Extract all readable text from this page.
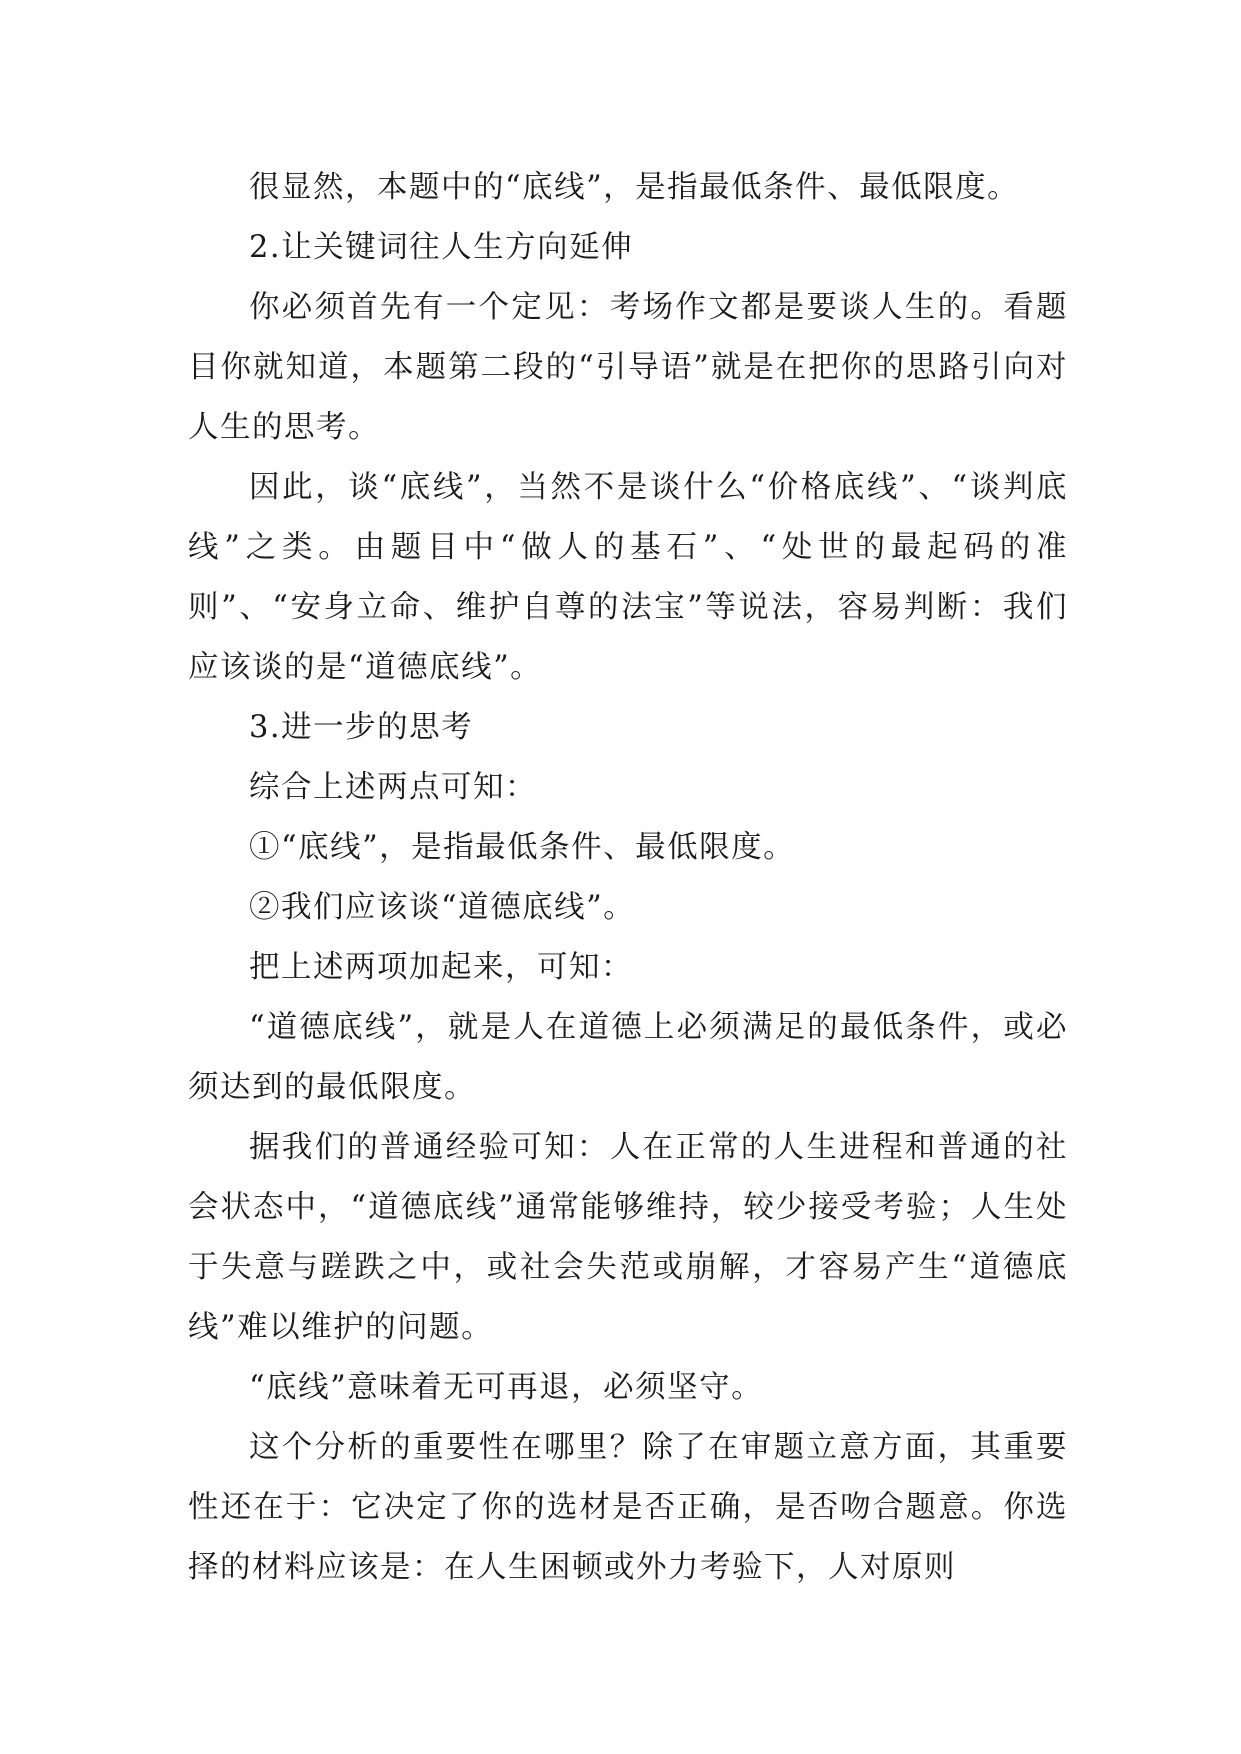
很显然，本题中的“底线”，是指最低条件、最低限度。

2.让关键词往人生方向延伸

你必须首先有一个定见：考场作文都是要谈人生的。看题目你就知道，本题第二段的“引导语”就是在把你的思路引向对人生的思考。

因此，谈“底线”，当然不是谈什么“价格底线”、“谈判底线”之类。由题目中“做人的基石”、“处世的最起码的准则”、“安身立命、维护自尊的法宝”等说法，容易判断：我们应该谈的是“道德底线”。

3.进一步的思考

综合上述两点可知：

①“底线”，是指最低条件、最低限度。

②我们应该谈“道德底线”。

把上述两项加起来，可知：

“道德底线”，就是人在道德上必须满足的最低条件，或必须达到的最低限度。

据我们的普通经验可知：人在正常的人生进程和普通的社会状态中，“道德底线”通常能够维持，较少接受考验；人生处于失意与蹉跌之中，或社会失范或崩解，才容易产生“道德底线”难以维护的问题。

“底线”意味着无可再退，必须坚守。

这个分析的重要性在哪里？除了在审题立意方面，其重要性还在于：它决定了你的选材是否正确，是否吻合题意。你选择的材料应该是：在人生困顿或外力考验下，人对原则
